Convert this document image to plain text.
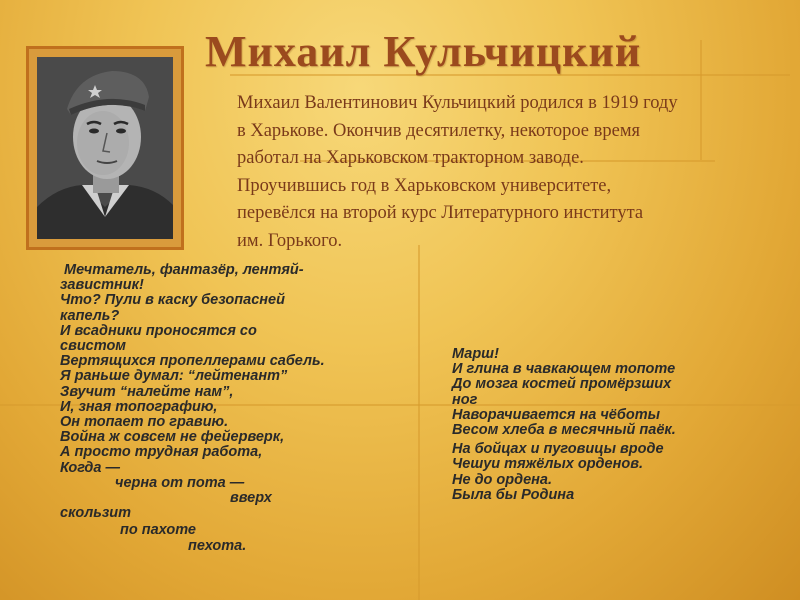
Михаил Кульчицкий
Михаил Валентинович Кульчицкий родился в 1919 году
в Харькове. Окончив десятилетку, некоторое время
работал на Харьковском тракторном заводе.
Проучившись год в Харьковском университете,
перевёлся на второй курс Литературного института
им. Горького.
Мечтатель, фантазёр, лентяй-
завистник!
Что? Пули в каску безопасней
капель?
И всадники проносятся со
свистом
Вертящихся пропеллерами сабель.
Я раньше думал: “лейтенант”
Звучит “налейте нам”,
И, зная топографию,
Он топает по гравию.
Война ж совсем не фейерверк,
А просто трудная работа,
Когда —
черна от пота —
вверх
скользит
по пахоте
пехота.
Марш!
И глина в чавкающем топоте
До мозга костей промёрзших
ног
Наворачивается на чёботы
Весом хлеба в месячный паёк.
На бойцах и пуговицы вроде
Чешуи тяжёлых орденов.
Не до ордена.
Была бы Родина
